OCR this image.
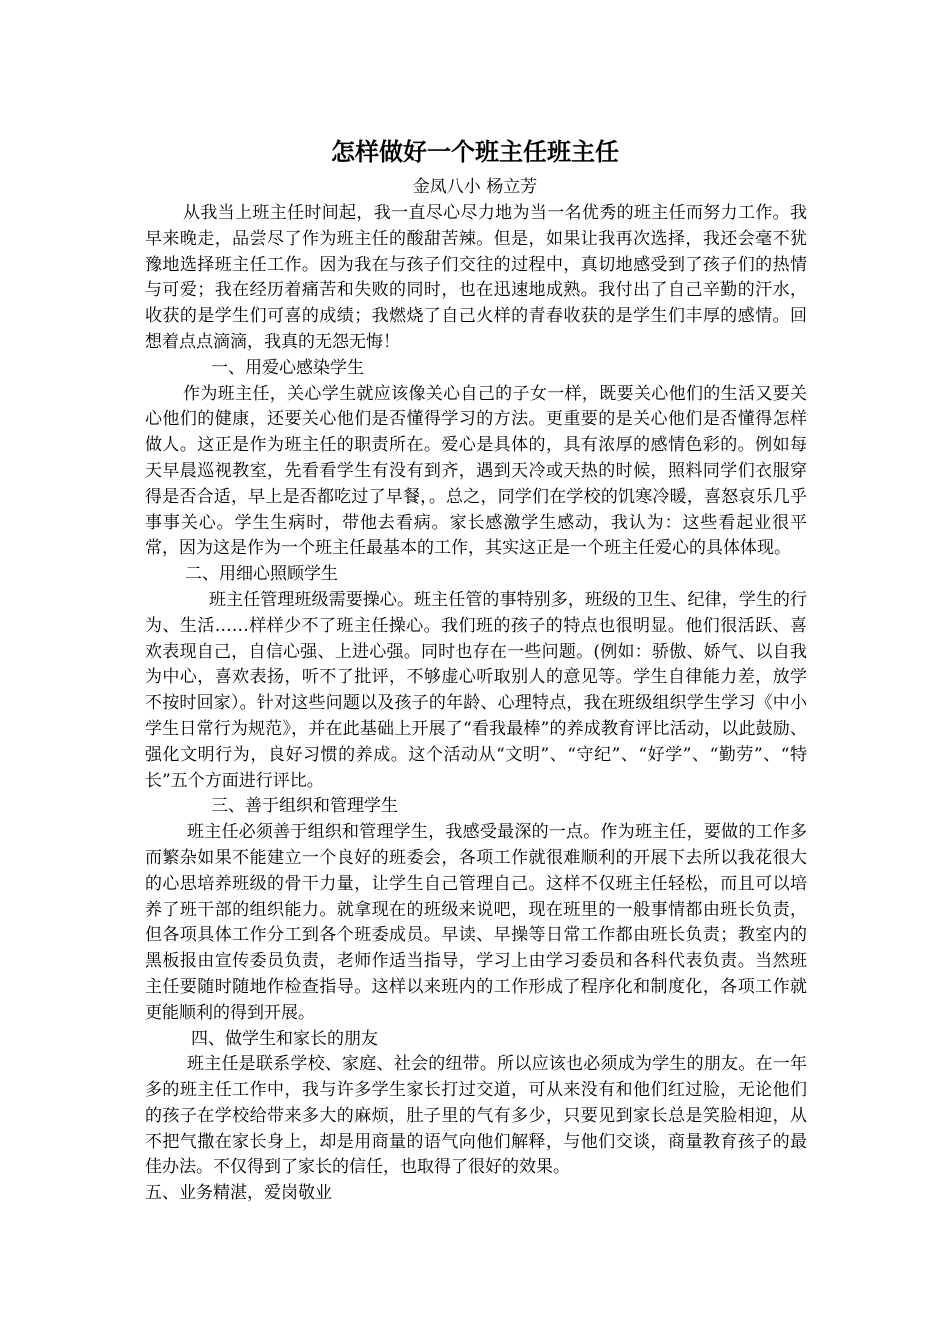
怎样做好一个班主任班主任
金凤八小 杨立芳

从我当上班主任时间起，我一直尽心尽力地为当一名优秀的班主任而努力工作。我早来晚走，品尝尽了作为班主任的酸甜苦辣。但是，如果让我再次选择，我还会毫不犹豫地选择班主任工作。因为我在与孩子们交往的过程中，真切地感受到了孩子们的热情与可爱；我在经历着痛苦和失败的同时，也在迅速地成熟。我付出了自己辛勤的汗水，收获的是学生们可喜的成绩；我燃烧了自己火样的青春收获的是学生们丰厚的感情。回想着点点滴滴，我真的无怨无悔！

一、用爱心感染学生

作为班主任，关心学生就应该像关心自己的子女一样，既要关心他们的生活又要关心他们的健康，还要关心他们是否懂得学习的方法。更重要的是关心他们是否懂得怎样做人。这正是作为班主任的职责所在。爱心是具体的，具有浓厚的感情色彩的。例如每天早晨巡视教室，先看看学生有没有到齐，遇到天冷或天热的时候，照料同学们衣服穿得是否合适，早上是否都吃过了早餐，。总之，同学们在学校的饥寒冷暖，喜怒哀乐几乎事事关心。学生生病时，带他去看病。家长感激学生感动，我认为：这些看起业很平常，因为这是作为一个班主任最基本的工作，其实这正是一个班主任爱心的具体体现。

二、用细心照顾学生

班主任管理班级需要操心。班主任管的事特别多，班级的卫生、纪律，学生的行为、生活……样样少不了班主任操心。我们班的孩子的特点也很明显。他们很活跃、喜欢表现自己，自信心强、上进心强。同时也存在一些问题。(例如：骄傲、娇气、以自我为中心，喜欢表扬，听不了批评，不够虚心听取别人的意见等。学生自律能力差，放学不按时回家）。针对这些问题以及孩子的年龄、心理特点，我在班级组织学生学习《中小学生日常行为规范》，并在此基础上开展了“看我最棒”的养成教育评比活动，以此鼓励、强化文明行为，良好习惯的养成。这个活动从“文明”、“守纪”、“好学”、“勤劳”、“特长”五个方面进行评比。

三、善于组织和管理学生

班主任必须善于组织和管理学生，我感受最深的一点。作为班主任，要做的工作多而繁杂如果不能建立一个良好的班委会，各项工作就很难顺利的开展下去所以我花很大的心思培养班级的骨干力量，让学生自己管理自己。这样不仅班主任轻松，而且可以培养了班干部的组织能力。就拿现在的班级来说吧，现在班里的一般事情都由班长负责，但各项具体工作分工到各个班委成员。早读、早操等日常工作都由班长负责；教室内的黑板报由宣传委员负责，老师作适当指导，学习上由学习委员和各科代表负责。当然班主任要随时随地作检查指导。这样以来班内的工作形成了程序化和制度化，各项工作就更能顺利的得到开展。

四、做学生和家长的朋友

班主任是联系学校、家庭、社会的纽带。所以应该也必须成为学生的朋友。在一年多的班主任工作中，我与许多学生家长打过交道，可从来没有和他们红过脸，无论他们的孩子在学校给带来多大的麻烦，肚子里的气有多少，只要见到家长总是笑脸相迎，从不把气撒在家长身上，却是用商量的语气向他们解释，与他们交谈，商量教育孩子的最佳办法。不仅得到了家长的信任，也取得了很好的效果。

五、业务精湛，爱岗敬业
